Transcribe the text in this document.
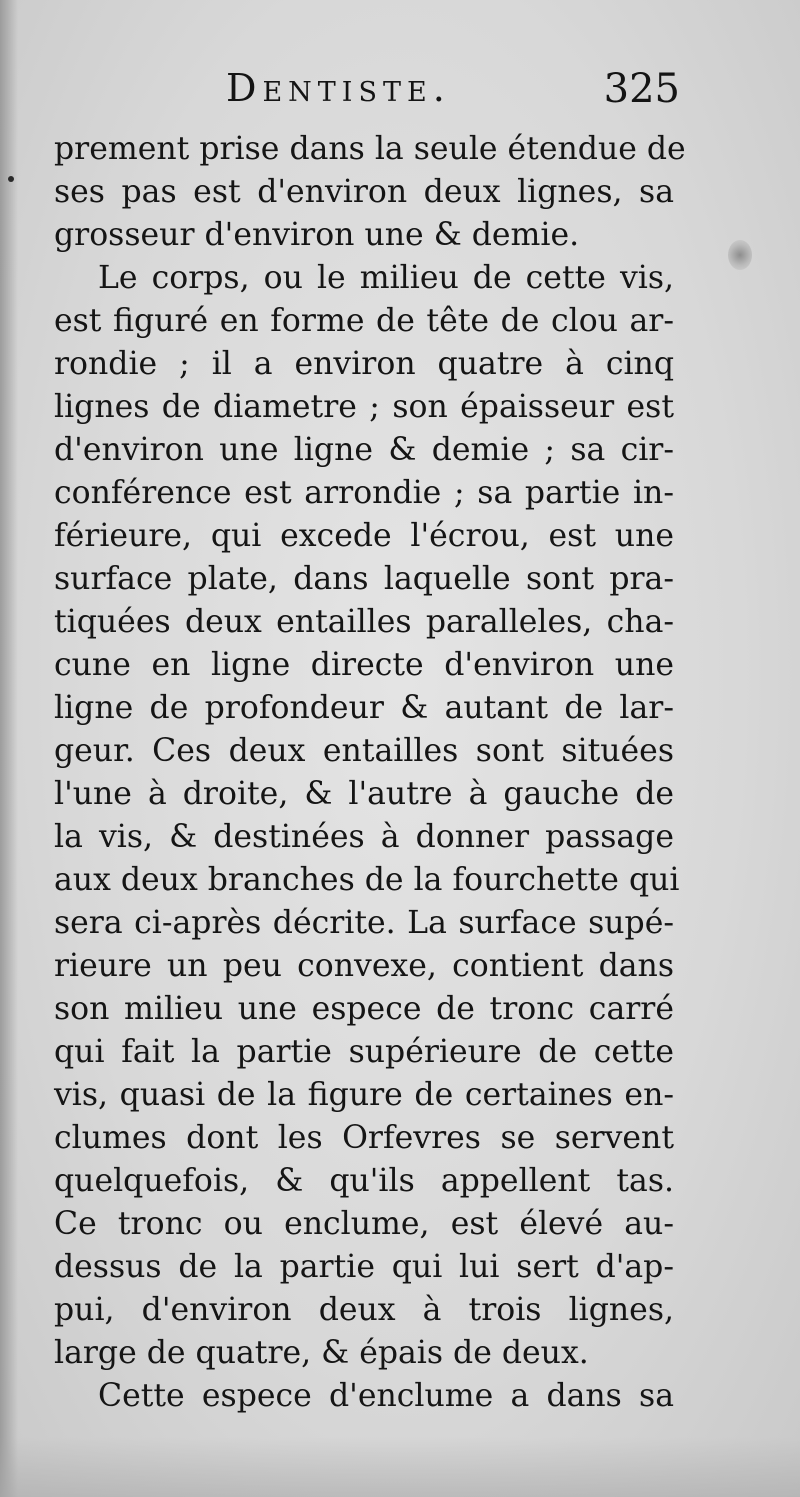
Dentiste.	325
prement prise dans la seule étendue de
ses pas est d'environ deux lignes, sa
grosseur d'environ une & demie.
Le corps, ou le milieu de cette vis,
est figuré en forme de tête de clou ar-
rondie ; il a environ quatre à cinq
lignes de diametre ; son épaisseur est
d'environ une ligne & demie ; sa cir-
conférence est arrondie ; sa partie in-
férieure, qui excede l'écrou, est une
surface plate, dans laquelle sont pra-
tiquées deux entailles paralleles, cha-
cune en ligne directe d'environ une
ligne de profondeur & autant de lar-
geur. Ces deux entailles sont situées
l'une à droite, & l'autre à gauche de
la vis, & destinées à donner passage
aux deux branches de la fourchette qui
sera ci-après décrite. La surface supé-
rieure un peu convexe, contient dans
son milieu une espece de tronc carré
qui fait la partie supérieure de cette
vis, quasi de la figure de certaines en-
clumes dont les Orfevres se servent
quelquefois, & qu'ils appellent tas.
Ce tronc ou enclume, est élevé au-
dessus de la partie qui lui sert d'ap-
pui, d'environ deux à trois lignes,
large de quatre, & épais de deux.
Cette espece d'enclume a dans sa
